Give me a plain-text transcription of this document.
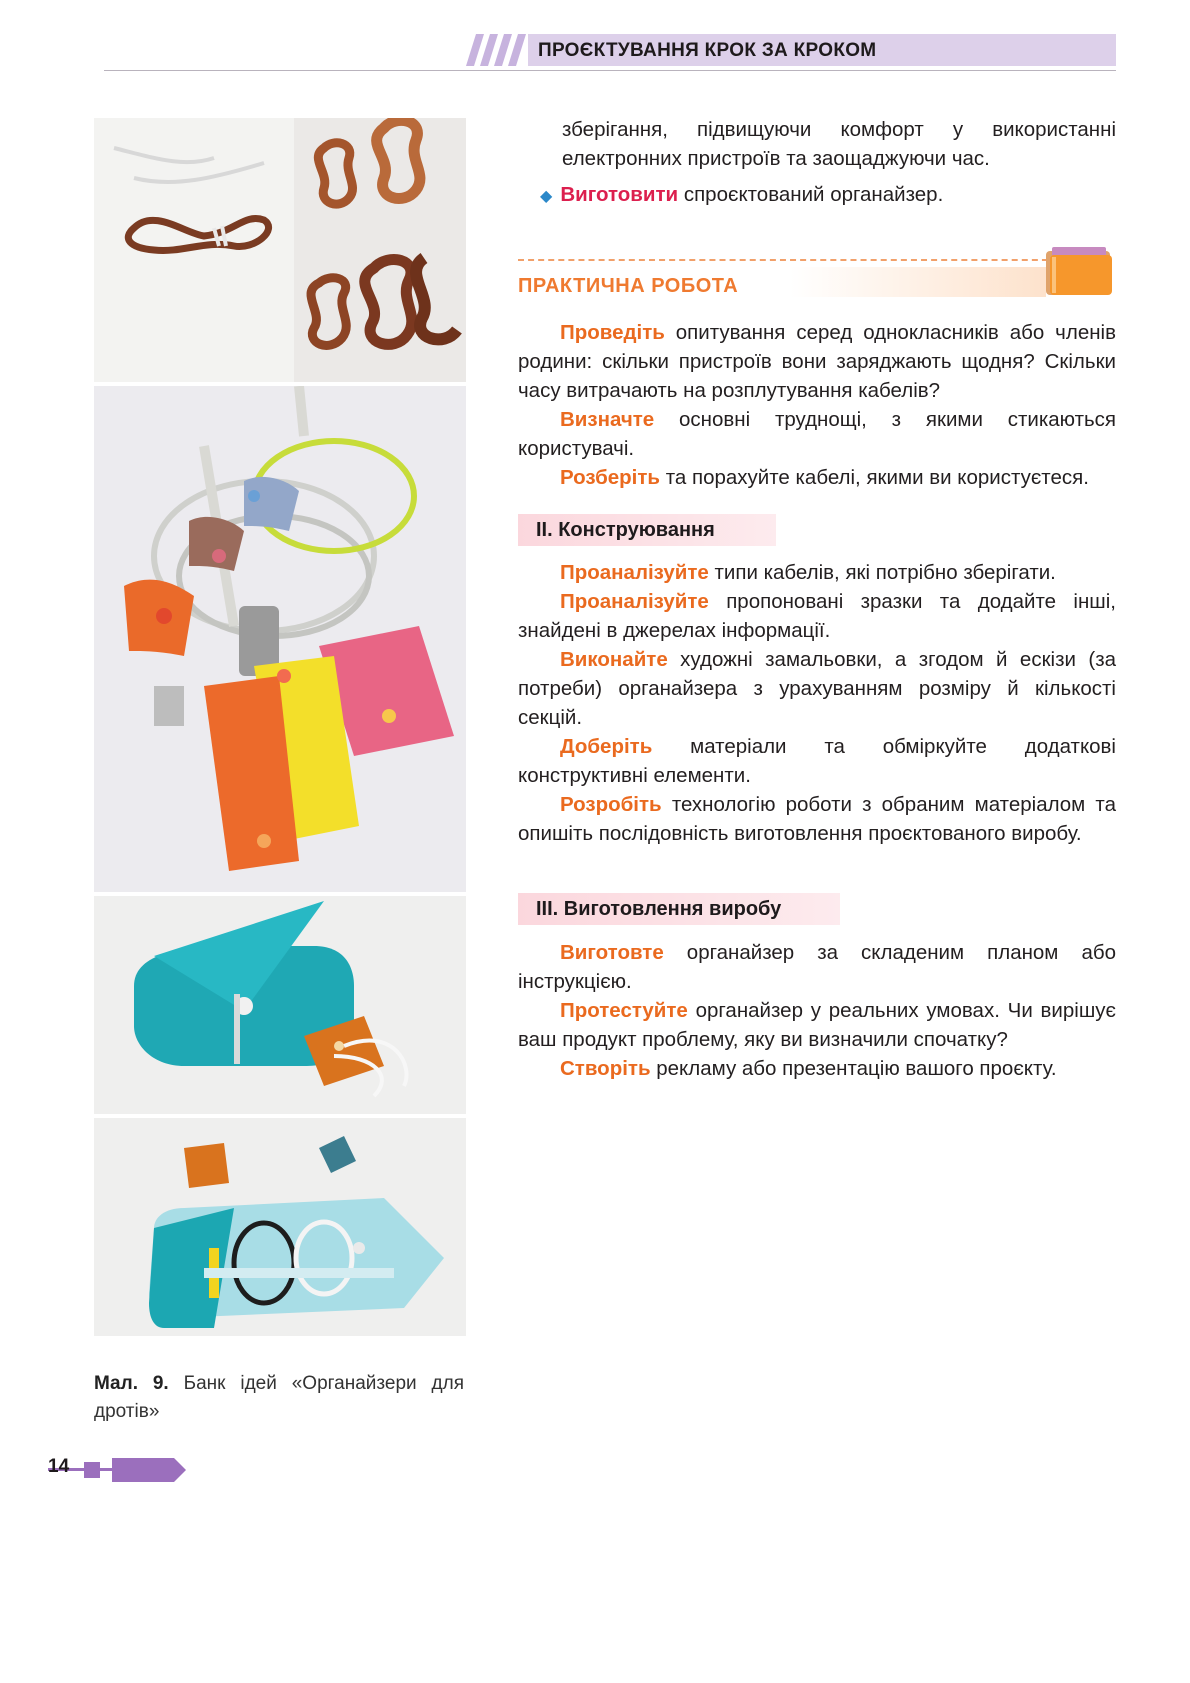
ПРОЄКТУВАННЯ КРОК ЗА КРОКОМ
Мал. 9. Банк ідей «Органайзери для дротів»
14

зберігання, підвищуючи комфорт у використанні електронних пристроїв та заощаджуючи час.

◆ Виготовити спроєктований органайзер.

ПРАКТИЧНА РОБОТА

Проведіть опитування серед однокласників або членів родини: скільки пристроїв вони заряджають щодня? Скільки часу витрачають на розплутування кабелів?

Визначте основні труднощі, з якими стикаються користувачі.

Розберіть та порахуйте кабелі, якими ви користуєтеся.

ІІ. Конструювання

Проаналізуйте типи кабелів, які потрібно зберігати.

Проаналізуйте пропоновані зразки та додайте інші, знайдені в джерелах інформації.

Виконайте художні замальовки, а згодом й ескізи (за потреби) органайзера з урахуванням розміру й кількості секцій.

Доберіть матеріали та обміркуйте додаткові конструктивні елементи.

Розробіть технологію роботи з обраним матеріалом та опишіть послідовність виготовлення проєктованого виробу.

ІІІ. Виготовлення виробу

Виготовте органайзер за складеним планом або інструкцією.

Протестуйте органайзер у реальних умовах. Чи вирішує ваш продукт проблему, яку ви визначили спочатку?

Створіть рекламу або презентацію вашого проєкту.
